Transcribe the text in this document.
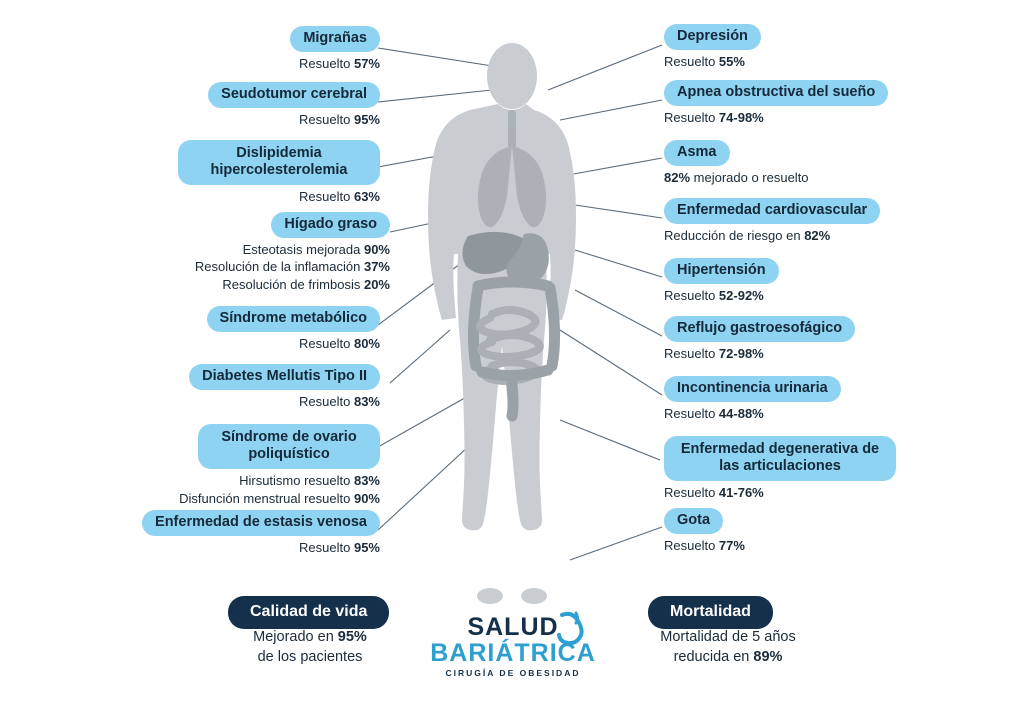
Migrañas
Resuelto 57%
Seudotumor cerebral
Resuelto 95%
Dislipidemia hipercolesterolemia
Resuelto 63%
Hígado graso
Esteotasis mejorada 90%
Resolución de la inflamación 37%
Resolución de frimbosis 20%
Síndrome metabólico
Resuelto 80%
Diabetes Mellutis Tipo II
Resuelto 83%
Síndrome de ovario poliquístico
Hirsutismo resuelto 83%
Disfunción menstrual resuelto 90%
Enfermedad de estasis venosa
Resuelto 95%
Depresión
Resuelto 55%
Apnea obstructiva del sueño
Resuelto 74-98%
Asma
82% mejorado o resuelto
Enfermedad cardiovascular
Reducción de riesgo en 82%
Hipertensión
Resuelto 52-92%
Reflujo gastroesofágico
Resuelto 72-98%
Incontinencia urinaria
Resuelto 44-88%
Enfermedad degenerativa de las articulaciones
Resuelto 41-76%
Gota
Resuelto 77%
Calidad de vida
Mejorado en 95%
de los pacientes
Mortalidad
Mortalidad de 5 años
reducida en 89%
SALUD
BARIÁTRICA
CIRUGÍA DE OBESIDAD
